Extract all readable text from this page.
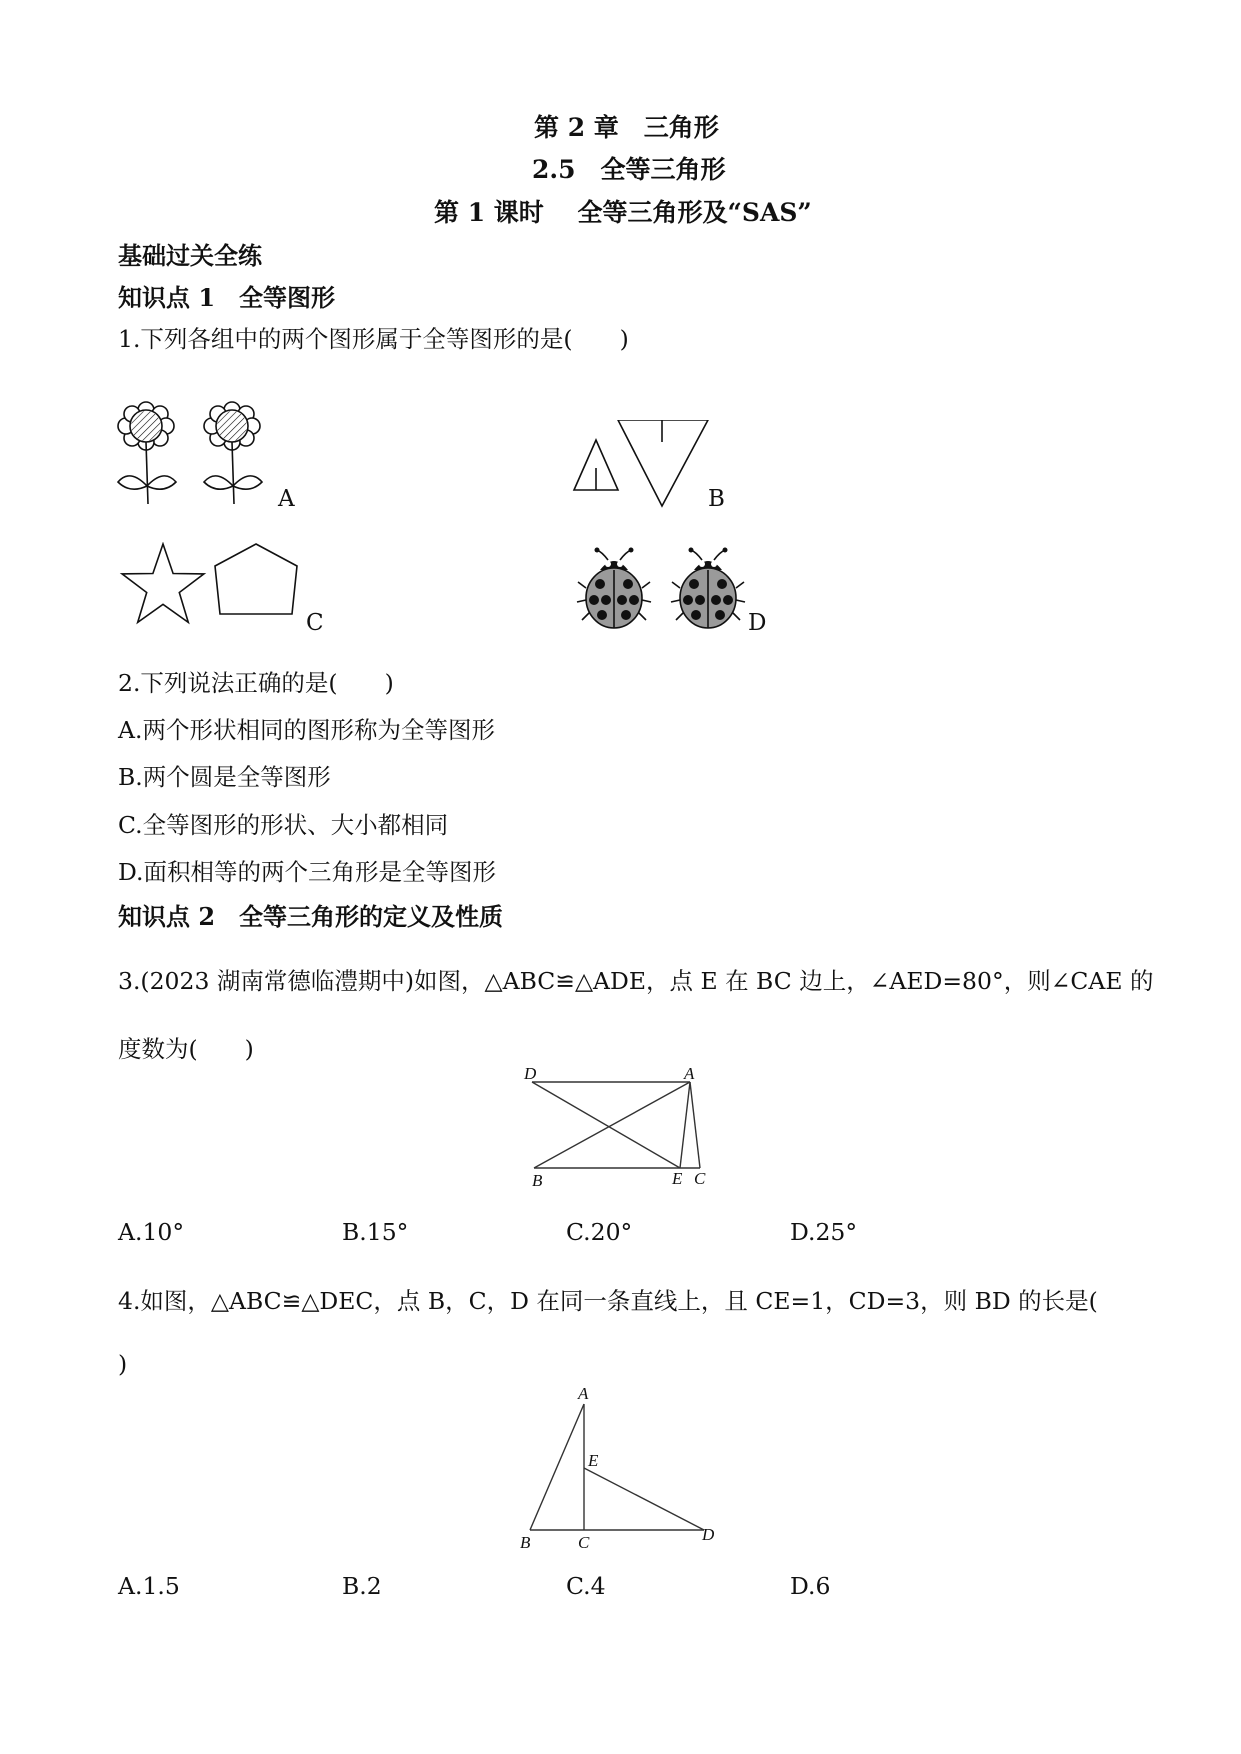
第 2 章　三角形
2.5　全等三角形
第 1 课时　 全等三角形及“SAS”
基础过关全练
知识点 1　全等图形
1.下列各组中的两个图形属于全等图形的是(　　)
A	B
C	D
2.下列说法正确的是(　　)
A.两个形状相同的图形称为全等图形
B.两个圆是全等图形
C.全等图形的形状、大小都相同
D.面积相等的两个三角形是全等图形
知识点 2　全等三角形的定义及性质
3.(2023 湖南常德临澧期中)如图，△ABC≌△ADE，点 E 在 BC 边上，∠AED=80°，则∠CAE 的
度数为(　　)
D	A
B	E C
A.10°	B.15°	C.20°	D.25°
4.如图，△ABC≌△DEC，点 B，C，D 在同一条直线上，且 CE=1，CD=3，则 BD 的长是(
)
A
E
B	C	D
A.1.5	B.2	C.4	D.6
